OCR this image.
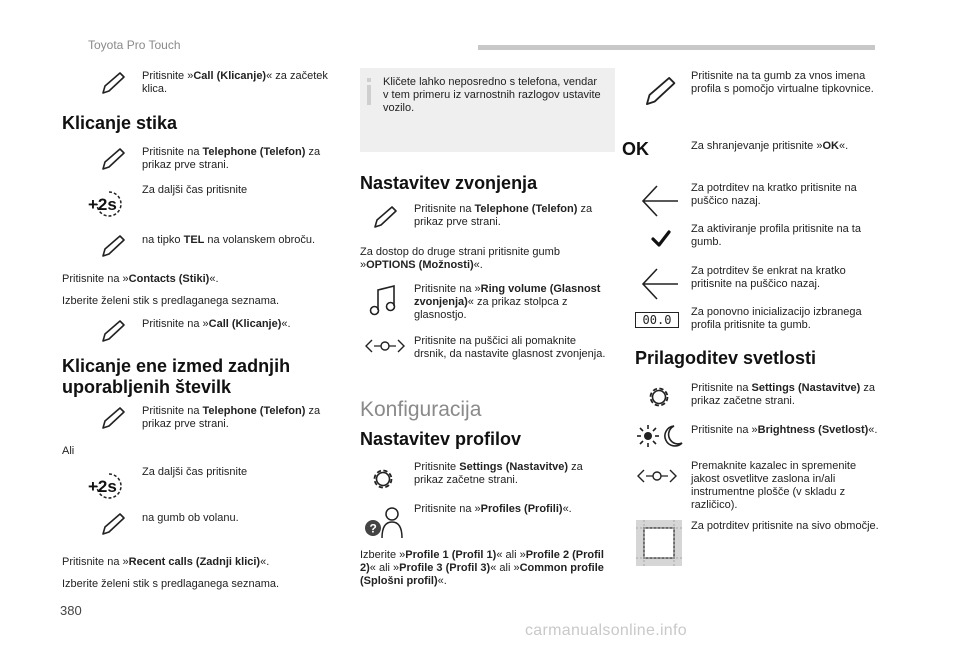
Toyota Pro Touch
Pritisnite »Call (Klicanje)« za začetek klica.
Klicanje stika
Pritisnite na Telephone (Telefon) za prikaz prve strani.
+2s
Za daljši čas pritisnite
na tipko TEL na volanskem obroču.
Pritisnite na »Contacts (Stiki)«.
Izberite želeni stik s predlaganega seznama.
Pritisnite na »Call (Klicanje)«.
Klicanje ene izmed zadnjih
uporabljenih številk
Pritisnite na Telephone (Telefon) za prikaz prve strani.
Ali
+2s
Za daljši čas pritisnite
na gumb ob volanu.
Pritisnite na »Recent calls (Zadnji klici)«.
Izberite želeni stik s predlaganega seznama.
380
Kličete lahko neposredno s telefona, vendar v tem primeru iz varnostnih razlogov ustavite vozilo.
Nastavitev zvonjenja
Pritisnite na Telephone (Telefon) za prikaz prve strani.
Za dostop do druge strani pritisnite gumb »OPTIONS (Možnosti)«.
Pritisnite na »Ring volume (Glasnost zvonjenja)« za prikaz stolpca z glasnostjo.
Pritisnite na puščici ali pomaknite drsnik, da nastavite glasnost zvonjenja.
Konfiguracija
Nastavitev profilov
Pritisnite Settings (Nastavitve) za prikaz začetne strani.
?
Pritisnite na »Profiles (Profili)«.
Izberite »Profile 1 (Profil 1)« ali »Profile 2 (Profil 2)« ali »Profile 3 (Profil 3)« ali »Common profile (Splošni profil)«.
Pritisnite na ta gumb za vnos imena profila s pomočjo virtualne tipkovnice.
OK	Za shranjevanje pritisnite »OK«.
Za potrditev na kratko pritisnite na puščico nazaj.
Za aktiviranje profila pritisnite na ta gumb.
Za potrditev še enkrat na kratko pritisnite na puščico nazaj.
00.0
Za ponovno inicializacijo izbranega profila pritisnite ta gumb.
Prilagoditev svetlosti
Pritisnite na Settings (Nastavitve) za prikaz začetne strani.
Pritisnite na »Brightness (Svetlost)«.
Premaknite kazalec in spremenite jakost osvetlitve zaslona in/ali instrumentne plošče (v skladu z različico).
Za potrditev pritisnite na sivo območje.
carmanualsonline.info
